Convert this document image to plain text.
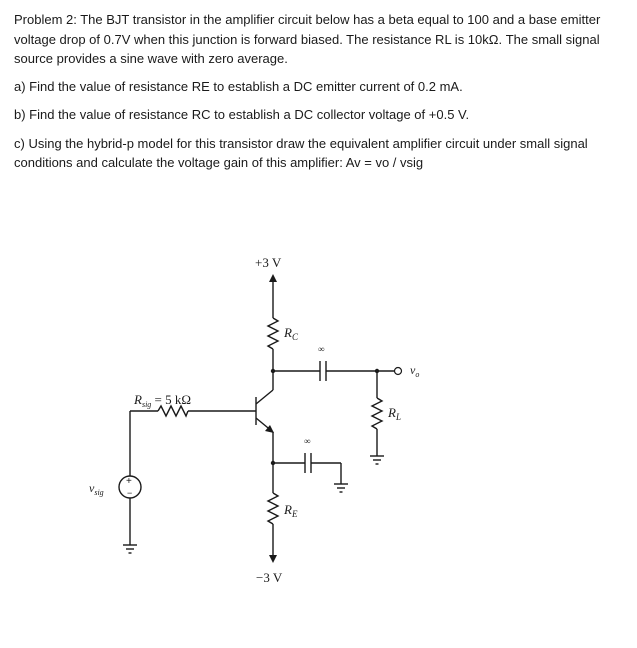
Problem 2: The BJT transistor in the amplifier circuit below has a beta equal to 100 and a base emitter voltage drop of 0.7V when this junction is forward biased. The resistance RL is 10kΩ. The small signal source provides a sine wave with zero average.

a) Find the value of resistance RE to establish a DC emitter current of 0.2 mA.

b) Find the value of resistance RC to establish a DC collector voltage of +0.5 V.

c) Using the hybrid-p model for this transistor draw the equivalent amplifier circuit under small signal conditions and calculate the voltage gain of this amplifier: Av = vo / vsig

+3 V
$R_C$
∞
$v_o$
$R_L$
$R_{sig} = 5$ kΩ
+
−
$v_{sig}$
∞
$R_E$
−3 V
